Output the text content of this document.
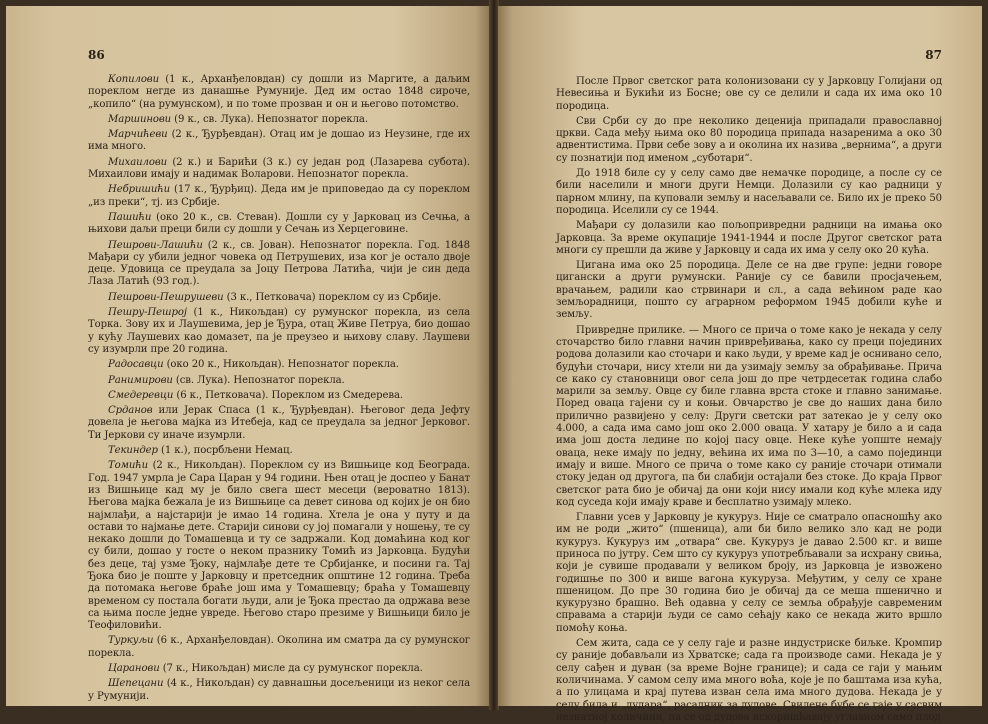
86

Копилови (1 к., Арханђеловдан) су дошли из Маргите, а даљим пореклом негде из данашње Румуније. Дед им остао 1848 сироче, „копило“ (на румунском), и по томе прозван и он и његово потомство.

Маршинови (9 к., св. Лука). Непознатог порекла.

Марчићеви (2 к., Ђурђевдан). Отац им је дошао из Неузине, где их има много.

Михаилови (2 к.) и Барићи (3 к.) су један род (Лазарева субота). Михаилови имају и надимак Воларови. Непознатог порекла.

Небришићи (17 к., Ђурђиц). Деда им је приповедао да су пореклом „из преки“, тј. из Србије.

Пашићи (око 20 к., св. Стеван). Дошли су у Јарковац из Сечња, а њихови даљи преци били су дошли у Сечањ из Херцеговине.

Пешрови-Лашићи (2 к., св. Јован). Непознатог порекла. Год. 1848 Мађари су убили једног човека од Петрушевих, иза ког је остало двоје деце. Удовица се преудала за Јоцу Петрова Латића, чији је син деда Лаза Латић (93 год.).

Пешрови-Пешрушеви (3 к., Петковача) пореклом су из Србије.

Пешру-Пешрој (1 к., Никољдан) су румунског порекла, из села Торка. Зову их и Лаушевима, јер је Ђура, отац Живе Петруа, био дошао у кућу Лаушевих као домазет, па је преузео и њихову славу. Лаушеви су изумрли пре 20 година.

Радосавци (око 20 к., Никољдан). Непознатог порекла.

Ранимирови (св. Лука). Непознатог порекла.

Смедеревци (6 к., Петковача). Пореклом из Смедерева.

Срданов или Јерак Спаса (1 к., Ђурђевдан). Његовог деда Јефту довела је његова мајка из Итебеја, кад се преудала за једног Јерковог. Ти Јеркови су иначе изумрли.

Текиндер (1 к.), посрбљени Немац.

Томићи (2 к., Никољдан). Пореклом су из Вишњице код Београда. Год. 1947 умрла је Сара Царан у 94 години. Њен отац је доспео у Банат из Вишњице кад му је било свега шест месеци (вероватно 1813). Његова мајка бежала је из Вишњице са девет синова од којих је он био најмлађи, а најстарији је имао 14 година. Хтела је она у путу и да остави то најмање дете. Старији синови су јој помагали у ношењу, те су некако дошли до Томашевца и ту се задржали. Код домаћина код ког су били, дошао у госте о неком празнику Томић из Јарковца. Будући без деце, тај узме Ђоку, најмлађе дете те Србијанке, и посини га. Тај Ђока био је поште у Јарковцу и претседник општине 12 година. Треба да потомака његове браће још има у Томашевцу; браћа у Томашевцу временом су постала богати људи, али је Ђока престао да одржава везе са њима после једне увреде. Његово старо презиме у Вишњици било је Теофиловићи.

Туркуљи (6 к., Арханђеловдан). Околина им сматра да су румунског порекла.

Царанови (7 к., Никољдан) мисле да су румунског порекла.

Шепецани (4 к., Никољдан) су давнашњи досељеници из неког села у Румунији.

87

После Првог светског рата колонизовани су у Јарковцу Голијани од Невесиња и Букићи из Босне; ове су се делили и сада их има око 10 породица.

Сви Срби су до пре неколико деценија припадали православној цркви. Сада међу њима око 80 породица припада назаренима а око 30 адвентистима. Први себе зову а и околина их назива „вернима“, а други су познатији под именом „суботари“.

До 1918 биле су у селу само две немачке породице, а после су се били населили и многи други Немци. Долазили су као радници у парном млину, па куповали земљу и насељавали се. Било их је преко 50 породица. Иселили су се 1944.

Мађари су долазили као пољопривредни радници на имања око Јарковца. За време окупације 1941-1944 и после Другог светског рата многи су прешли да живе у Јарковцу и сада их има у селу око 20 кућа.

Цигана има око 25 породица. Деле се на две групе: једни говоре цигански а други румунски. Раније су се бавили просјачењем, врачањем, радили као стрвинари и сл., а сада већином раде као земљорадници, пошто су аграрном реформом 1945 добили куће и земљу.

Привредне прилике. — Много се прича о томе како је некада у селу сточарство било главни начин привређивања, како су преци појединих родова долазили као сточари и како људи, у време кад је оснивано село, будући сточари, нису хтели ни да узимају земљу за обрађивање. Прича се како су становници овог села још до пре четрдесетак година слабо марили за земљу. Овце су биле главна врста стоке и главно занимање. Поред оваца гајени су и коњи. Овчарство је све до наших дана било прилично развијено у селу: Други светски рат затекао је у селу око 4.000, а сада има само још око 2.000 оваца. У хатару је било а и сада има још доста ледине по којој пасу овце. Неке куће уопште немају оваца, неке имају по једну, већина их има по 3—10, а само појединци имају и више. Много се прича о томе како су раније сточари отимали стоку један од другога, па би слабији остајали без стоке. До краја Првог светског рата био је обичај да они који нису имали код куће млека иду код суседа који имају краве и бесплатно узимају млеко.

Главни усев у Јарковцу је кукуруз. Није се сматрало опасношћу ако им не роди „жито“ (пшеница), али би било велико зло кад не роди кукуруз. Кукуруз им „отвара“ све. Кукуруз је давао 2.500 кг. и више приноса по јутру. Сем што су кукуруз употребљавали за исхрану свиња, који је сувише продавали у великом броју, из Јарковца је извожено годишње по 300 и више вагона кукуруза. Међутим, у селу се хране пшеницом. До пре 30 година био је обичај да се меша пшенично и кукурузно брашно. Већ одавна у селу се земља обрађује савременим справама а старији људи се само сећају како се некада жито вршло помоћу коња.

Сем жита, сада се у селу гаје и разне индустриске биљке. Кромпир су раније добављали из Хрватске; сада га производе сами. Некада је у селу сађен и дуван (за време Војне границе); и сада се гаји у мањим количинама. У самом селу има много воћа, које је по баштама иза кућа, а по улицама и крај путева изван села има много дудова. Некада је у селу била и „дудара“, расадник за дудове. Свилене бубе се гаје у сасвим незнатној количини, па се од дудова искоришћавају углавном само плод
